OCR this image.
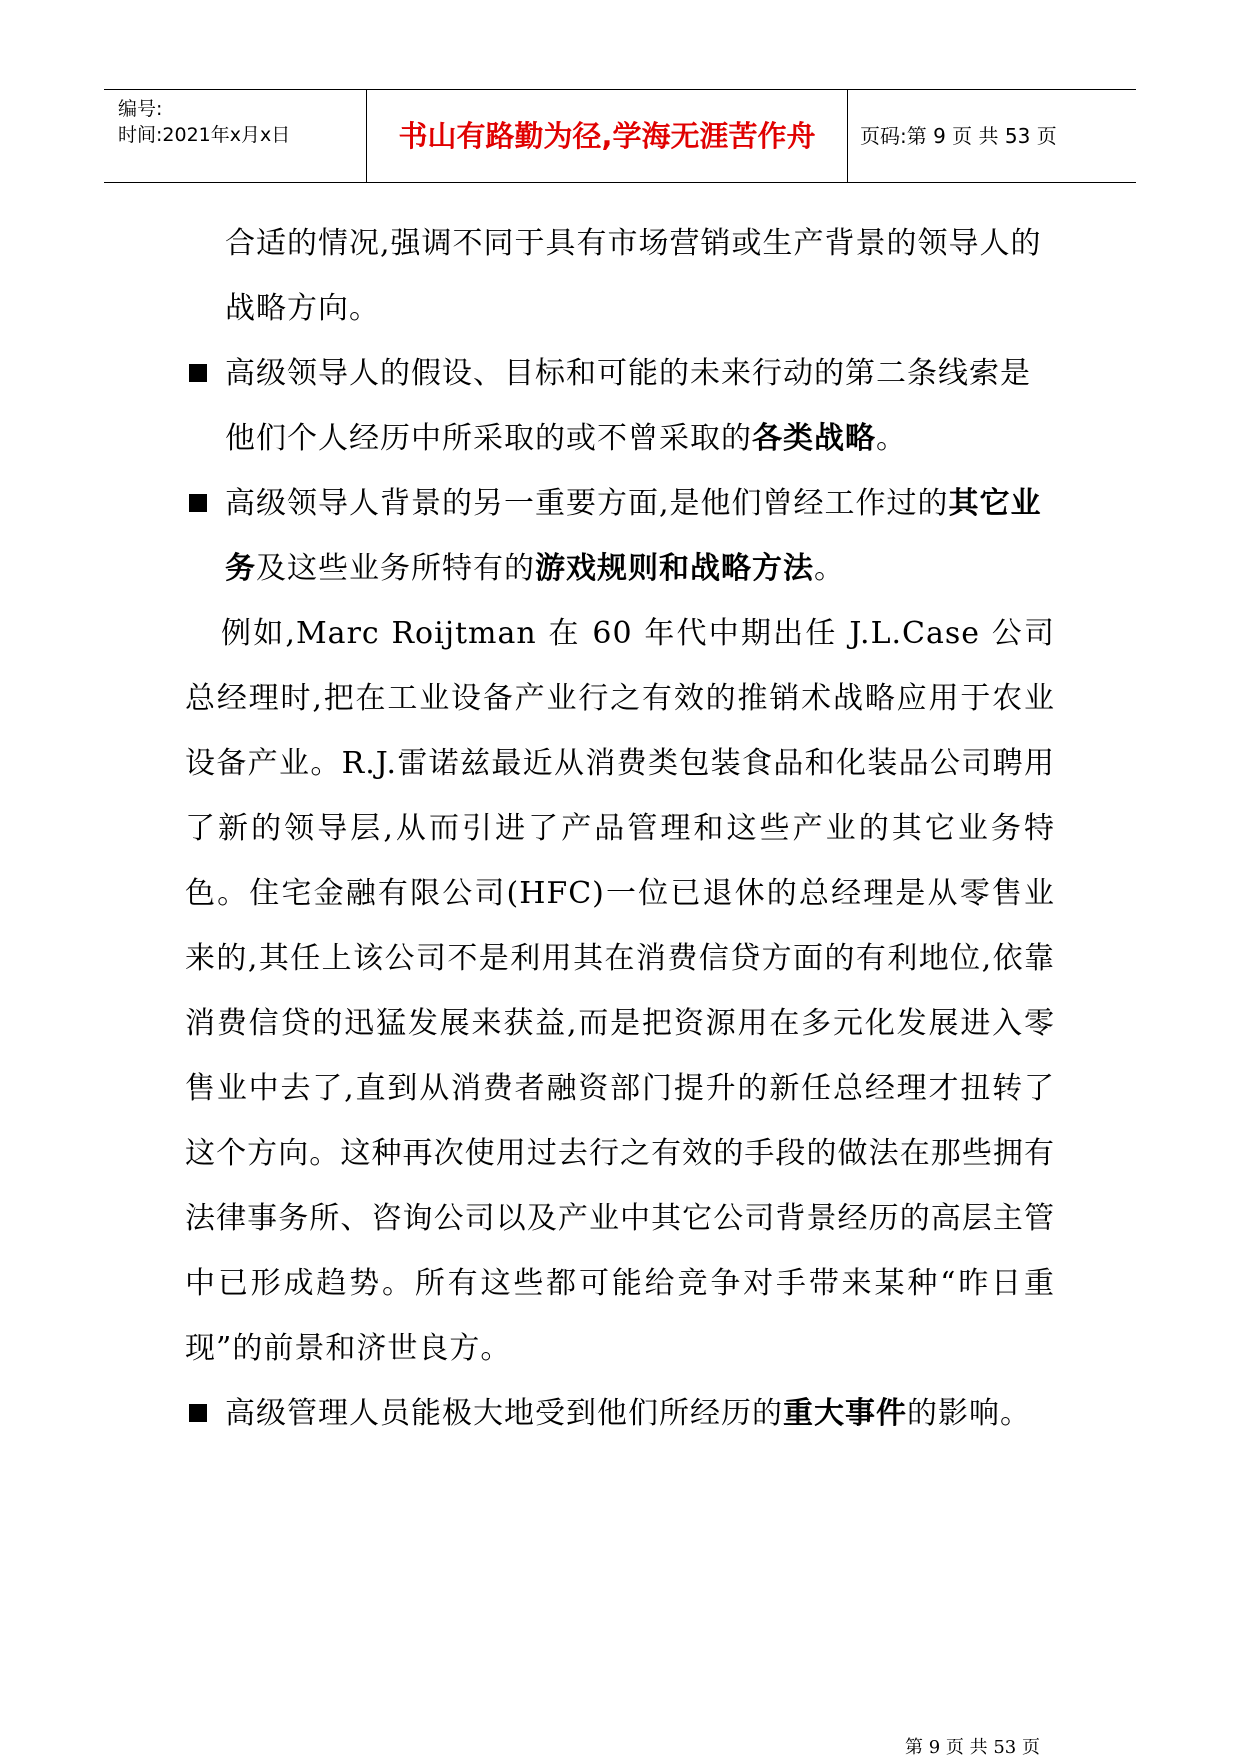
编号:
时间:2021年x月x日	书山有路勤为径,学海无涯苦作舟	页码:第 9 页 共 53 页

合适的情况,强调不同于具有市场营销或生产背景的领导人的战略方向。

高级领导人的假设、目标和可能的未来行动的第二条线索是他们个人经历中所采取的或不曾采取的各类战略。

高级领导人背景的另一重要方面,是他们曾经工作过的其它业务及这些业务所特有的游戏规则和战略方法。

例如,Marc Roijtman 在 60 年代中期出任 J.L.Case 公司总经理时,把在工业设备产业行之有效的推销术战略应用于农业设备产业。R.J.雷诺兹最近从消费类包装食品和化装品公司聘用了新的领导层,从而引进了产品管理和这些产业的其它业务特色。住宅金融有限公司(HFC)一位已退休的总经理是从零售业来的,其任上该公司不是利用其在消费信贷方面的有利地位,依靠消费信贷的迅猛发展来获益,而是把资源用在多元化发展进入零售业中去了,直到从消费者融资部门提升的新任总经理才扭转了这个方向。这种再次使用过去行之有效的手段的做法在那些拥有法律事务所、咨询公司以及产业中其它公司背景经历的高层主管中已形成趋势。所有这些都可能给竞争对手带来某种“昨日重现”的前景和济世良方。

高级管理人员能极大地受到他们所经历的重大事件的影响。

第 9 页 共 53 页
